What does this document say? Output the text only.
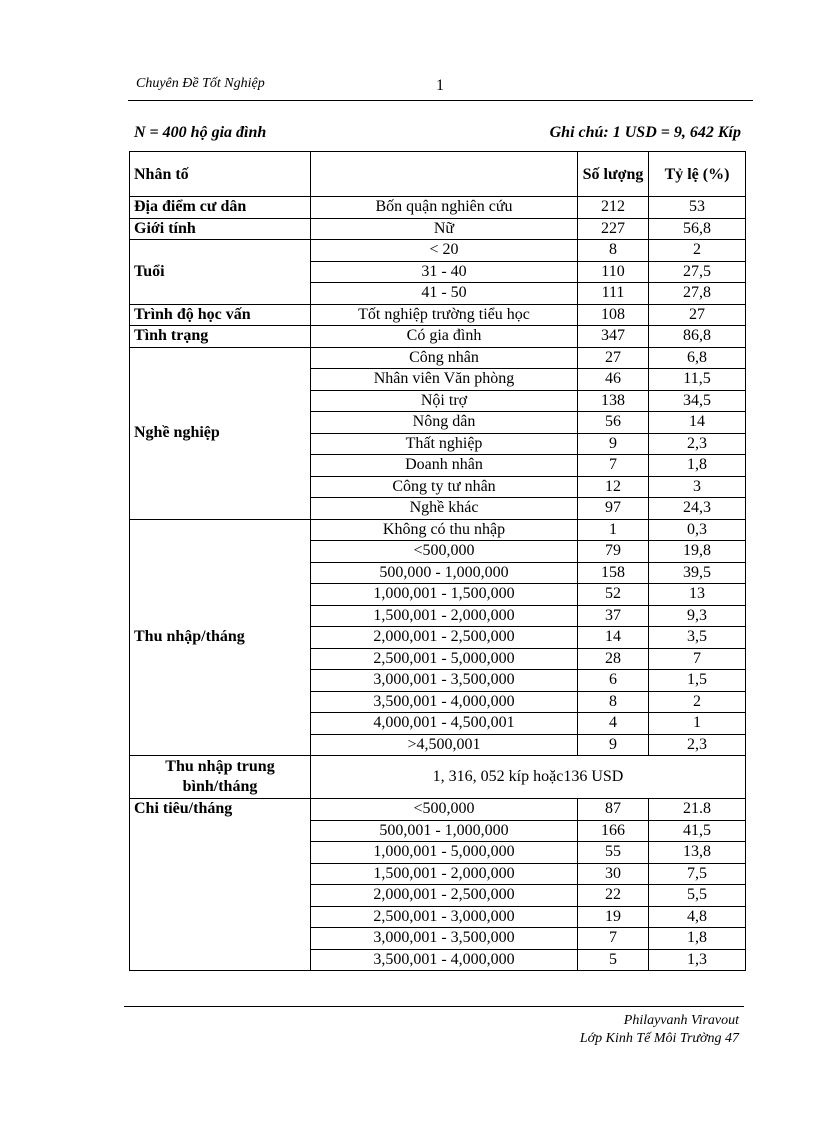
Chuyên Đề Tốt Nghiệp	1
N = 400 hộ gia đình	Ghi chú: 1 USD = 9, 642 Kíp
Nhân tố		Số lượng	Tỷ lệ (%)
Địa điểm cư dân	Bốn quận nghiên cứu	212	53
Giới tính	Nữ	227	56,8
Tuổi	< 20	8	2
	31 - 40	110	27,5
	41 - 50	111	27,8
Trình độ học vấn	Tốt nghiệp trường tiểu học	108	27
Tình trạng	Có gia đình	347	86,8
Nghề nghiệp	Công nhân	27	6,8
	Nhân viên Văn phòng	46	11,5
	Nội trợ	138	34,5
	Nông dân	56	14
	Thất nghiệp	9	2,3
	Doanh nhân	7	1,8
	Công ty tư nhân	12	3
	Nghề khác	97	24,3
Thu nhập/tháng	Không có thu nhập	1	0,3
	<500,000	79	19,8
	500,000 - 1,000,000	158	39,5
	1,000,001 - 1,500,000	52	13
	1,500,001 - 2,000,000	37	9,3
	2,000,001 - 2,500,000	14	3,5
	2,500,001 - 5,000,000	28	7
	3,000,001 - 3,500,000	6	1,5
	3,500,001 - 4,000,000	8	2
	4,000,001 - 4,500,001	4	1
	>4,500,001	9	2,3
Thu nhập trung bình/tháng	1, 316, 052 kíp hoặc136 USD		
Chi tiêu/tháng	<500,000	87	21.8
	500,001 - 1,000,000	166	41,5
	1,000,001 - 5,000,000	55	13,8
	1,500,001 - 2,000,000	30	7,5
	2,000,001 - 2,500,000	22	5,5
	2,500,001 - 3,000,000	19	4,8
	3,000,001 - 3,500,000	7	1,8
	3,500,001 - 4,000,000	5	1,3
Philayvanh Viravout
Lớp Kinh Tế Môi Trường 47
